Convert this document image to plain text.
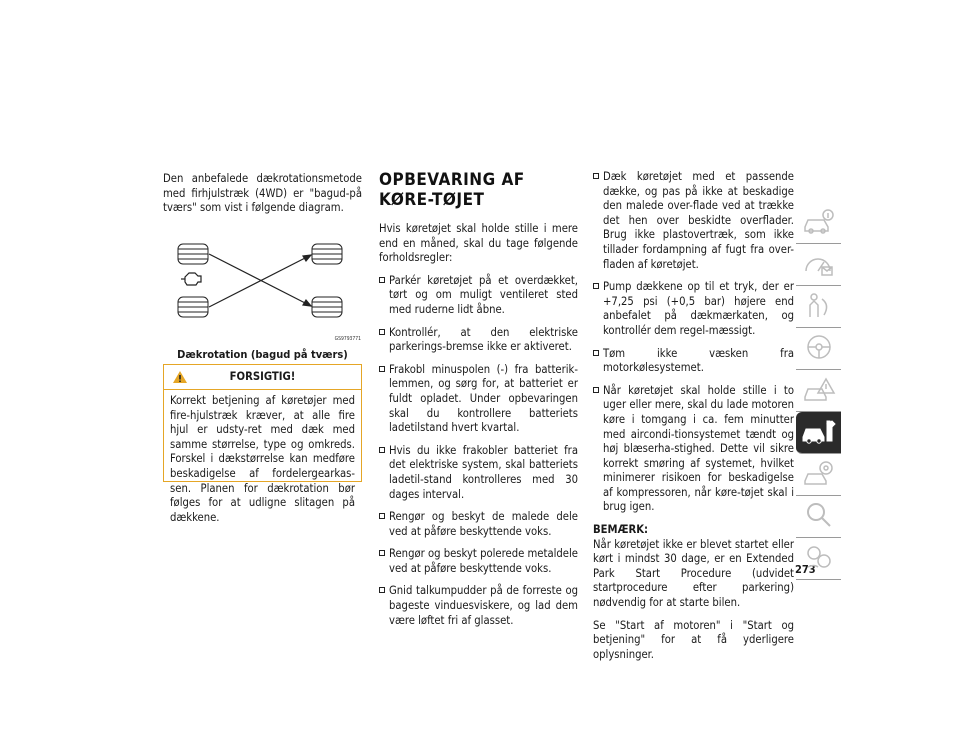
Den anbefalede dækrotationsmetode med firhjulstræk (4WD) er "bagud-på tværs" som vist i følgende diagram.

GS9793771
Dækrotation (bagud på tværs)
FORSIGTIG!
Korrekt betjening af køretøjer med fire-hjulstræk kræver, at alle fire hjul er udsty-ret med dæk med samme størrelse, type og omkreds. Forskel i dækstørrelse kan medføre beskadigelse af fordelergearkas-sen. Planen for dækrotation bør følges for at udligne slitagen på dækkene.
OPBEVARING AF KØRE-TØJET

Hvis køretøjet skal holde stille i mere end en måned, skal du tage følgende forholdsregler:

Parkér køretøjet på et overdækket, tørt og om muligt ventileret sted med ruderne lidt åbne.
Kontrollér, at den elektriske parkerings-bremse ikke er aktiveret.
Frakobl minuspolen (-) fra batterik-lemmen, og sørg for, at batteriet er fuldt opladet. Under opbevaringen skal du kontrollere batteriets ladetilstand hvert kvartal.
Hvis du ikke frakobler batteriet fra det elektriske system, skal batteriets ladetil-stand kontrolleres med 30 dages interval.
Rengør og beskyt de malede dele ved at påføre beskyttende voks.
Rengør og beskyt polerede metaldele ved at påføre beskyttende voks.
Gnid talkumpudder på de forreste og bageste vinduesviskere, og lad dem være løftet fri af glasset.
Dæk køretøjet med et passende dække, og pas på ikke at beskadige den malede over-flade ved at trække det hen over beskidte overflader. Brug ikke plastovertræk, som ikke tillader fordampning af fugt fra over-fladen af køretøjet.
Pump dækkene op til et tryk, der er +7,25 psi (+0,5 bar) højere end anbefalet på dækmærkaten, og kontrollér dem regel-mæssigt.
Tøm ikke væsken fra motorkølesystemet.
Når køretøjet skal holde stille i to uger eller mere, skal du lade motoren køre i tomgang i ca. fem minutter med aircondi-tionsystemet tændt og høj blæserha-stighed. Dette vil sikre korrekt smøring af systemet, hvilket minimerer risikoen for beskadigelse af kompressoren, når køre-tøjet skal i brug igen.
BEMÆRK:

Når køretøjet ikke er blevet startet eller kørt i mindst 30 dage, er en Extended Park Start Procedure (udvidet startprocedure efter parkering) nødvendig for at starte bilen.

Se "Start af motoren" i "Start og betjening" for at få yderligere oplysninger.

273
